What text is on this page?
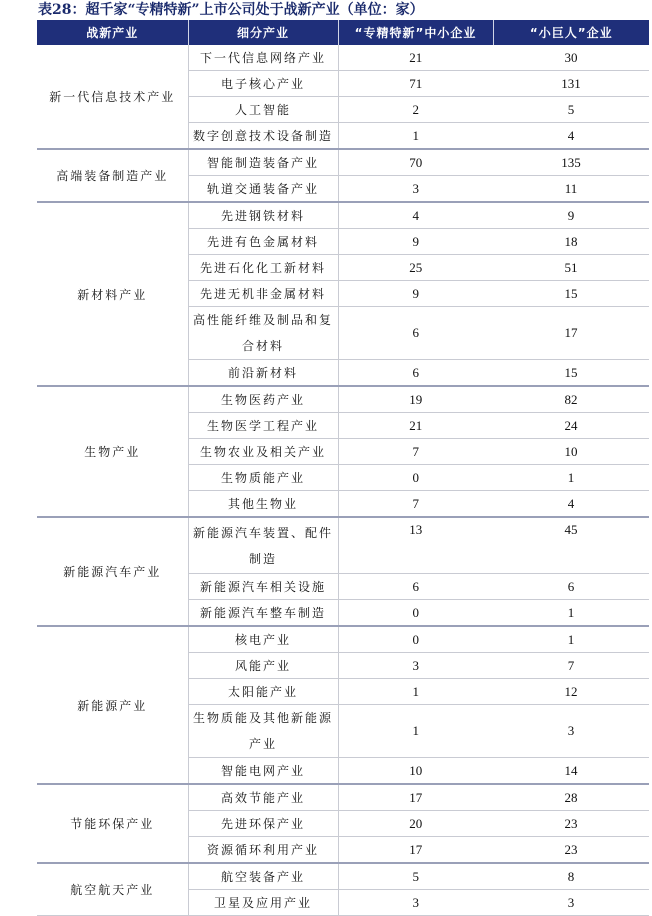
表28：超千家“专精特新”上市公司处于战新产业（单位：家）
战新产业	细分产业	“专精特新”中小企业	“小巨人”企业
新一代信息技术产业	下一代信息网络产业	21	30
	电子核心产业	71	131
	人工智能	2	5
	数字创意技术设备制造	1	4
高端装备制造产业	智能制造装备产业	70	135
	轨道交通装备产业	3	11
新材料产业	先进钢铁材料	4	9
	先进有色金属材料	9	18
	先进石化化工新材料	25	51
	先进无机非金属材料	9	15
	高性能纤维及制品和复合材料	6	17
	前沿新材料	6	15
生物产业	生物医药产业	19	82
	生物医学工程产业	21	24
	生物农业及相关产业	7	10
	生物质能产业	0	1
	其他生物业	7	4
新能源汽车产业	新能源汽车装置、配件制造	13	45
	新能源汽车相关设施	6	6
	新能源汽车整车制造	0	1
新能源产业	核电产业	0	1
	风能产业	3	7
	太阳能产业	1	12
	生物质能及其他新能源产业	1	3
	智能电网产业	10	14
节能环保产业	高效节能产业	17	28
	先进环保产业	20	23
	资源循环利用产业	17	23
航空航天产业	航空装备产业	5	8
	卫星及应用产业	3	3
